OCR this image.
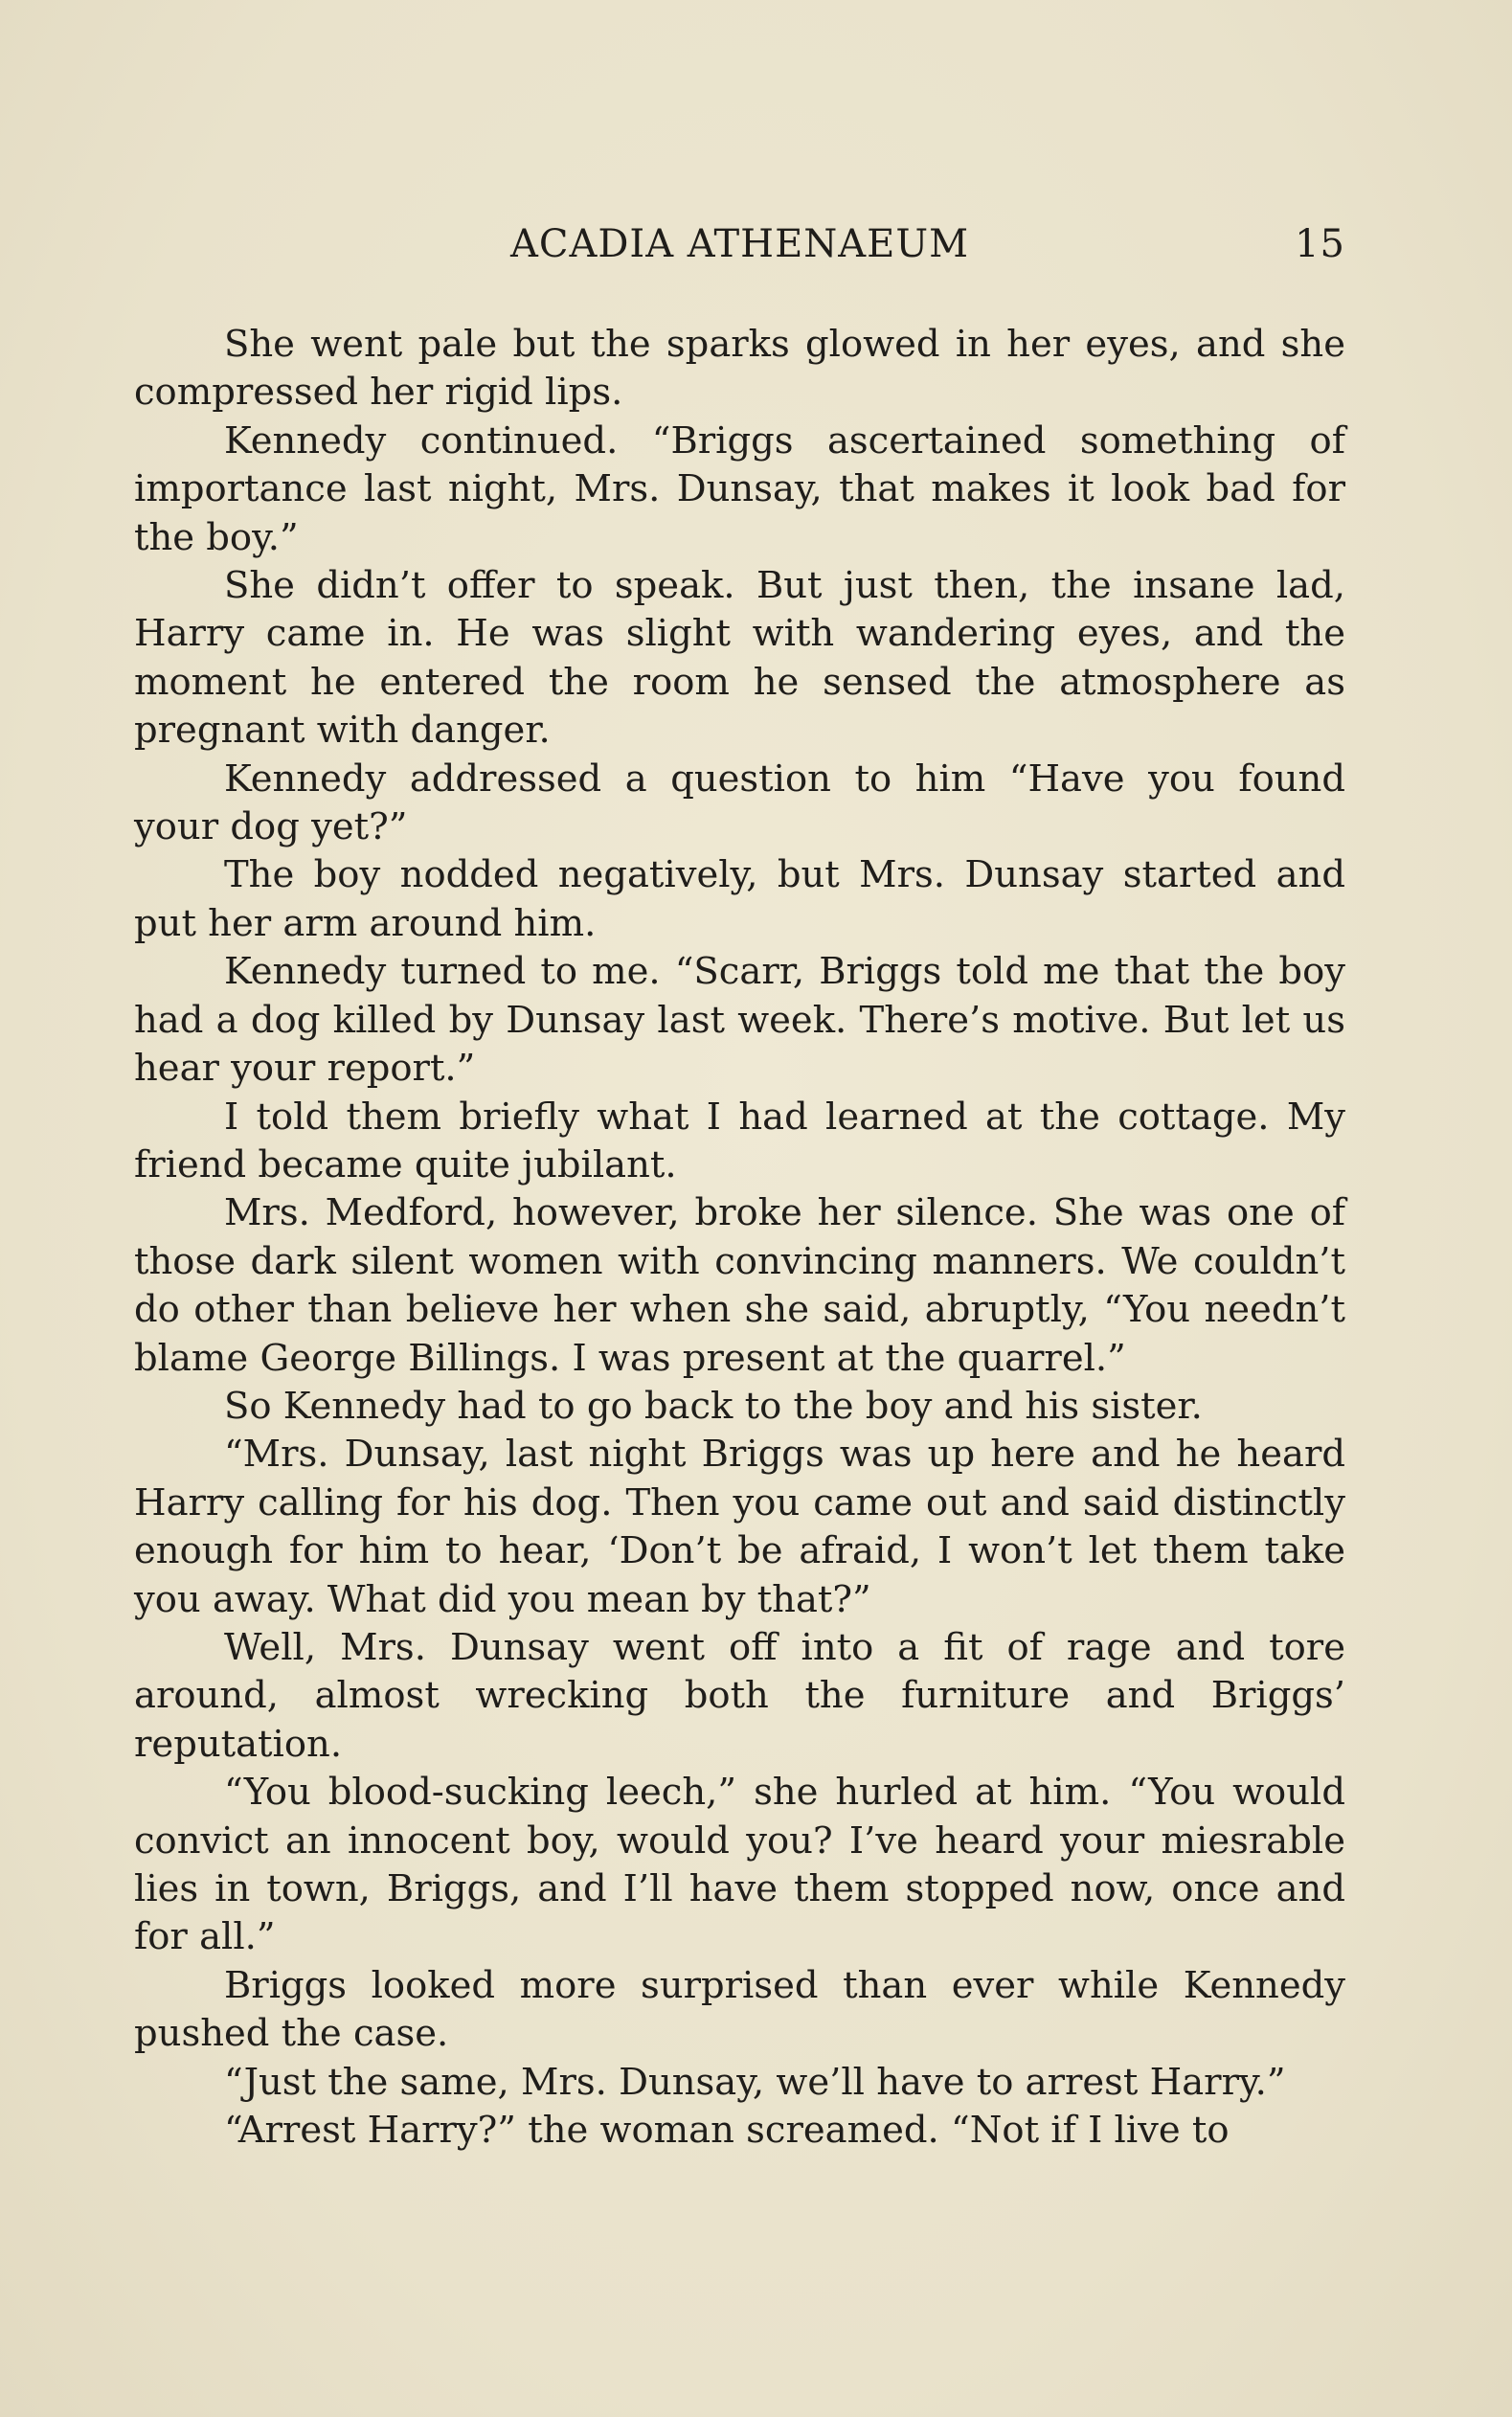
ACADIA ATHENAEUM	15

She went pale but the sparks glowed in her eyes, and she compressed her rigid lips.

Kennedy continued. “Briggs ascertained something of importance last night, Mrs. Dunsay, that makes it look bad for the boy.”

She didn’t offer to speak. But just then, the insane lad, Harry came in. He was slight with wandering eyes, and the moment he entered the room he sensed the atmosphere as pregnant with danger.

Kennedy addressed a question to him “Have you found your dog yet?”

The boy nodded negatively, but Mrs. Dunsay started and put her arm around him.

Kennedy turned to me. “Scarr, Briggs told me that the boy had a dog killed by Dunsay last week. There’s motive. But let us hear your report.”

I told them briefly what I had learned at the cottage. My friend became quite jubilant.

Mrs. Medford, however, broke her silence. She was one of those dark silent women with convincing manners. We couldn’t do other than believe her when she said, abruptly, “You needn’t blame George Billings. I was present at the quarrel.”

So Kennedy had to go back to the boy and his sister.

“Mrs. Dunsay, last night Briggs was up here and he heard Harry calling for his dog. Then you came out and said distinctly enough for him to hear, ‘Don’t be afraid, I won’t let them take you away. What did you mean by that?”

Well, Mrs. Dunsay went off into a fit of rage and tore around, almost wrecking both the furniture and Briggs’ reputation.

“You blood-sucking leech,” she hurled at him. “You would convict an innocent boy, would you? I’ve heard your miesrable lies in town, Briggs, and I’ll have them stopped now, once and for all.”

Briggs looked more surprised than ever while Kennedy pushed the case.

“Just the same, Mrs. Dunsay, we’ll have to arrest Harry.”

“Arrest Harry?” the woman screamed. “Not if I live to
